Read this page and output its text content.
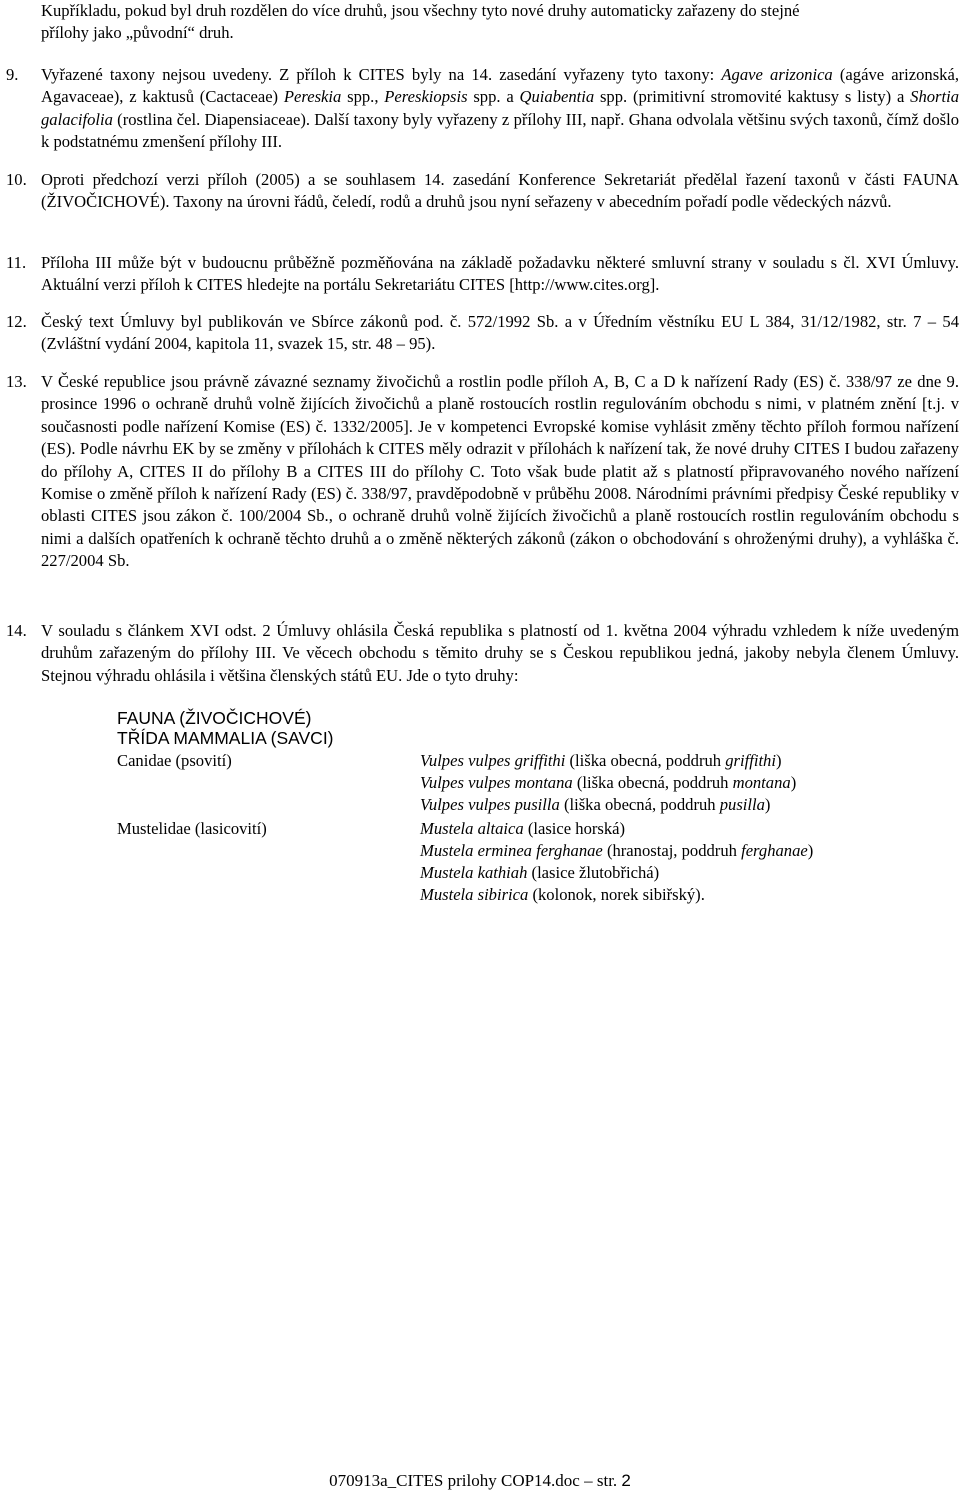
Kupříkladu, pokud byl druh rozdělen do více druhů, jsou všechny tyto nové druhy automaticky zařazeny do stejné
přílohy jako „původní“ druh.
9.	Vyřazené taxony nejsou uvedeny. Z příloh k CITES byly na 14. zasedání vyřazeny tyto taxony: Agave arizonica (agáve arizonská, Agavaceae), z kaktusů (Cactaceae) Pereskia spp., Pereskiopsis spp. a Quiabentia spp. (primitivní stromovité kaktusy s listy) a Shortia galacifolia (rostlina čel. Diapensiaceae). Další taxony byly vyřazeny z přílohy III, např. Ghana odvolala většinu svých taxonů, čímž došlo k podstatnému zmenšení přílohy III.
10. Oproti předchozí verzi příloh (2005) a se souhlasem 14. zasedání Konference Sekretariát předělal řazení taxonů v části FAUNA (ŽIVOČICHOVÉ). Taxony na úrovni řádů, čeledí, rodů a druhů jsou nyní seřazeny v abecedním pořadí podle vědeckých názvů.
11. Příloha III může být v budoucnu průběžně pozměňována na základě požadavku některé smluvní strany v souladu s čl. XVI Úmluvy. Aktuální verzi příloh k CITES hledejte na portálu Sekretariátu CITES [http://www.cites.org].
12. Český text Úmluvy byl publikován ve Sbírce zákonů pod. č. 572/1992 Sb. a v Úředním věstníku EU L 384, 31/12/1982, str. 7 – 54 (Zvláštní vydání 2004, kapitola 11, svazek 15, str. 48 – 95).
13. V České republice jsou právně závazné seznamy živočichů a rostlin podle příloh A, B, C a D k nařízení Rady (ES) č. 338/97 ze dne 9. prosince 1996 o ochraně druhů volně žijících živočichů a planě rostoucích rostlin regulováním obchodu s nimi, v platném znění [t.j. v současnosti podle nařízení Komise (ES) č. 1332/2005]. Je v kompetenci Evropské komise vyhlásit změny těchto příloh formou nařízení (ES). Podle návrhu EK by se změny v přílohách k CITES měly odrazit v přílohách k nařízení tak, že nové druhy CITES I budou zařazeny do přílohy A, CITES II do přílohy B a CITES III do přílohy C. Toto však bude platit až s platností připravovaného nového nařízení Komise o změně příloh k nařízení Rady (ES) č. 338/97, pravděpodobně v průběhu 2008. Národními právními předpisy České republiky v oblasti CITES jsou zákon č. 100/2004 Sb., o ochraně druhů volně žijících živočichů a planě rostoucích rostlin regulováním obchodu s nimi a dalších opatřeních k ochraně těchto druhů a o změně některých zákonů (zákon o obchodování s ohroženými druhy), a vyhláška č. 227/2004 Sb.
14. V souladu s článkem XVI odst. 2 Úmluvy ohlásila Česká republika s platností od 1. května 2004 výhradu vzhledem k níže uvedeným druhům zařazeným do přílohy III. Ve věcech obchodu s těmito druhy se s Českou republikou jedná, jakoby nebyla členem Úmluvy. Stejnou výhradu ohlásila i většina členských států EU. Jde o tyto druhy:
FAUNA (ŽIVOČICHOVÉ)
TŘÍDA MAMMALIA (SAVCI)
Canidae (psovití)	Vulpes vulpes griffithi (liška obecná, poddruh griffithi)
Vulpes vulpes montana (liška obecná, poddruh montana)
Vulpes vulpes pusilla (liška obecná, poddruh pusilla)
Mustelidae (lasicovití)	Mustela altaica (lasice horská)
Mustela erminea ferghanae (hranostaj, poddruh ferghanae)
Mustela kathiah (lasice žlutobřichá)
Mustela sibirica (kolonok, norek sibiřský).
070913a_CITES prilohy COP14.doc – str. 2
